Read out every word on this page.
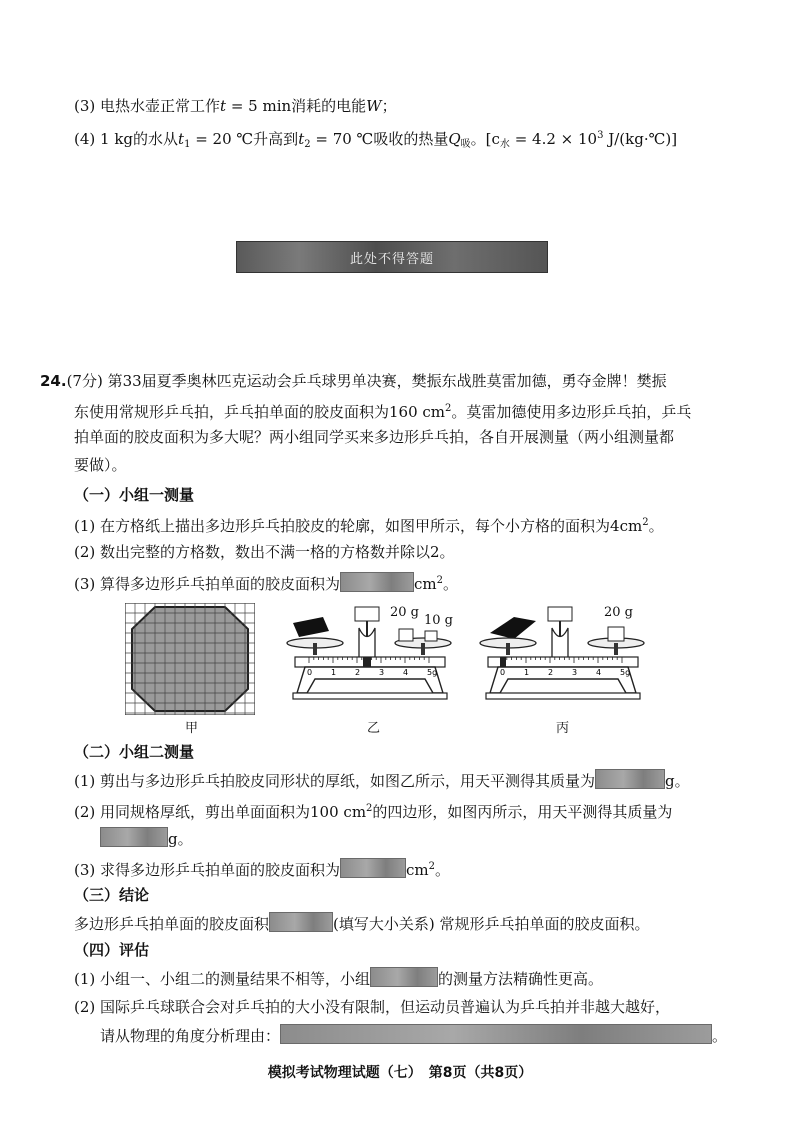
(3) 电热水壶正常工作t = 5 min消耗的电能W；
(4) 1 kg的水从$t_1 = 20$ ℃升高到$t_2 = 70$ ℃吸收的热量$Q_吸$。[$c_水 = 4.2 \times 10^3$ J/(kg·℃)]
此处不得答题
24.(7分) 第33届夏季奥林匹克运动会乒乓球男单决赛，樊振东战胜莫雷加德，勇夺金牌！樊振
东使用常规形乒乓拍，乒乓拍单面的胶皮面积为160 $cm^2$。莫雷加德使用多边形乒乓拍，乒乓
拍单面的胶皮面积为多大呢？两小组同学买来多边形乒乓拍，各自开展测量（两小组测量都
要做）。
（一）小组一测量
(1) 在方格纸上描出多边形乒乓拍胶皮的轮廓，如图甲所示，每个小方格的面积为$4cm^2$。
(2) 数出完整的方格数，数出不满一格的方格数并除以2。
(3) 算得多边形乒乓拍单面的胶皮面积为	$cm^2$。
甲
0 1 2 3 4 5g
20 g
10 g
乙
0 1 2 3 4 5g
20 g
丙
（二）小组二测量
(1) 剪出与多边形乒乓拍胶皮同形状的厚纸，如图乙所示，用天平测得其质量为	g。
(2) 用同规格厚纸，剪出单面面积为100 $cm^2$的四边形，如图丙所示，用天平测得其质量为
g。
(3) 求得多边形乒乓拍单面的胶皮面积为	$cm^2$。
（三）结论
多边形乒乓拍单面的胶皮面积	(填写大小关系) 常规形乒乓拍单面的胶皮面积。
（四）评估
(1) 小组一、小组二的测量结果不相等，小组	的测量方法精确性更高。
(2) 国际乒乓球联合会对乒乓拍的大小没有限制，但运动员普遍认为乒乓拍并非越大越好，
请从物理的角度分析理由：	。
模拟考试物理试题（七）　第8页（共8页）
